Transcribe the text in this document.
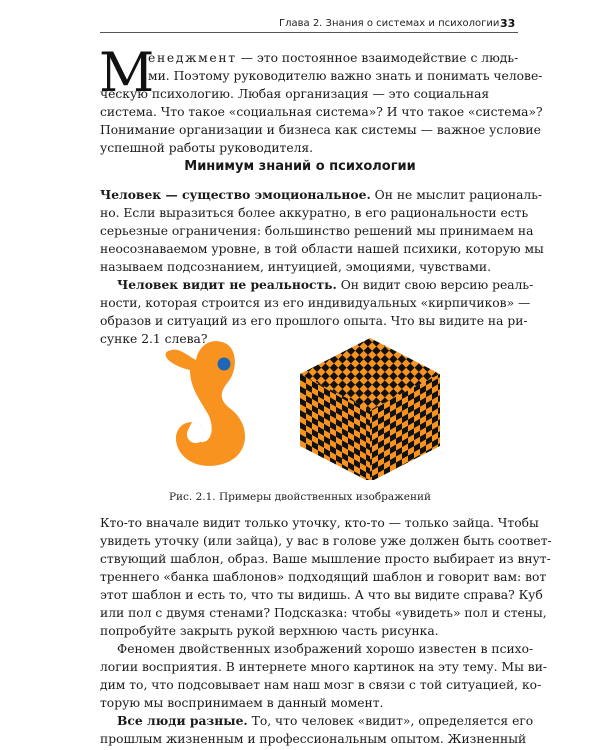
Глава 2. Знания о системах и психологии 33
М
енеджмент — это постоянное взаимодействие с людь-
ми. Поэтому руководителю важно знать и понимать челове-
ческую психологию. Любая организация — это социальная
система. Что такое «социальная система»? И что такое «система»?
Понимание организации и бизнеса как системы — важное условие
успешной работы руководителя.
Минимум знаний о психологии
Человек — существо эмоциональное. Он не мыслит рациональ-
но. Если выразиться более аккуратно, в его рациональности есть
серьезные ограничения: большинство решений мы принимаем на
неосознаваемом уровне, в той области нашей психики, которую мы
называем подсознанием, интуицией, эмоциями, чувствами.
Человек видит не реальность. Он видит свою версию реаль-
ности, которая строится из его индивидуальных «кирпичиков» —
образов и ситуаций из его прошлого опыта. Что вы видите на ри-
сунке 2.1 слева?
Рис. 2.1. Примеры двойственных изображений
Кто-то вначале видит только уточку, кто-то — только зайца. Чтобы
увидеть уточку (или зайца), у вас в голове уже должен быть соответ-
ствующий шаблон, образ. Ваше мышление просто выбирает из внут-
треннего «банка шаблонов» подходящий шаблон и говорит вам: вот
этот шаблон и есть то, что ты видишь. А что вы видите справа? Куб
или пол с двумя стенами? Подсказка: чтобы «увидеть» пол и стены,
попробуйте закрыть рукой верхнюю часть рисунка.
Феномен двойственных изображений хорошо известен в психо-
логии восприятия. В интернете много картинок на эту тему. Мы ви-
дим то, что подсовывает нам наш мозг в связи с той ситуацией, ко-
торую мы воспринимаем в данный момент.
Все люди разные. То, что человек «видит», определяется его
прошлым жизненным и профессиональным опытом. Жизненный
